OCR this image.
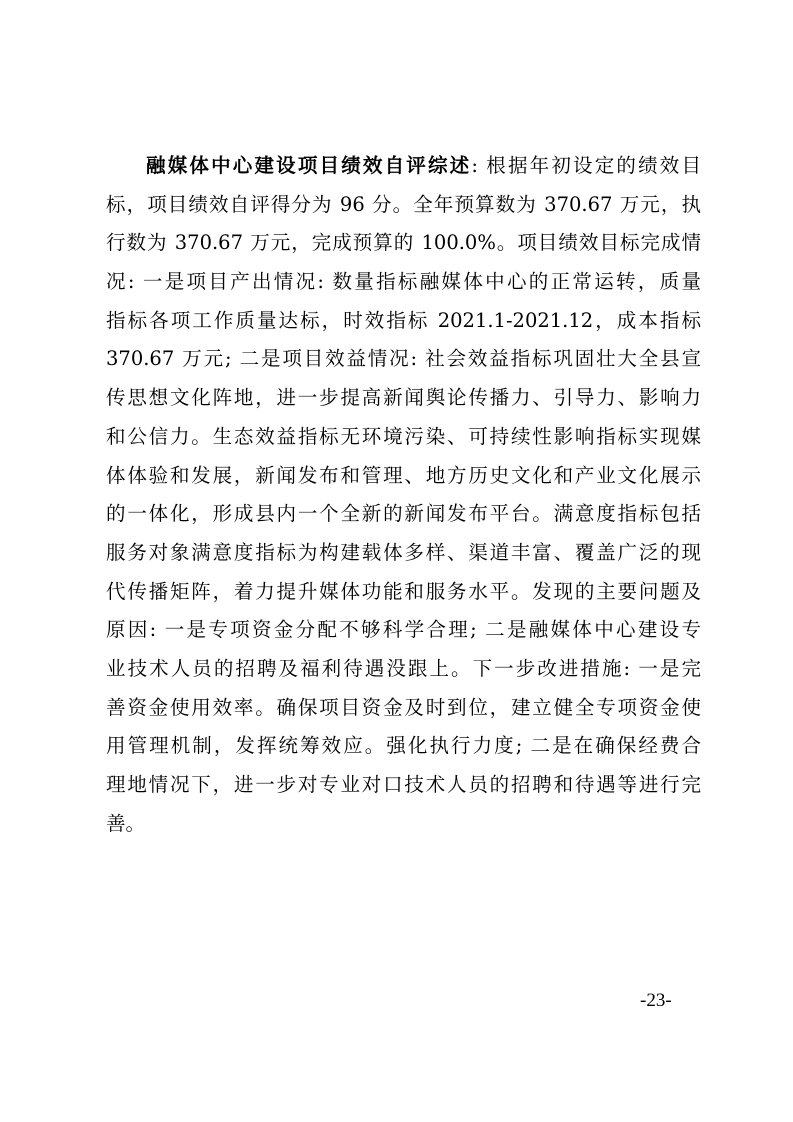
融媒体中心建设项目绩效自评综述: 根据年初设定的绩效目
标，项目绩效自评得分为 96 分。全年预算数为 370.67 万元，执
行数为 370.67 万元，完成预算的 100.0%。项目绩效目标完成情
况: 一是项目产出情况: 数量指标融媒体中心的正常运转，质量
指标各项工作质量达标，时效指标 2021.1-2021.12，成本指标
370.67 万元; 二是项目效益情况: 社会效益指标巩固壮大全县宣
传思想文化阵地，进一步提高新闻舆论传播力、引导力、影响力
和公信力。生态效益指标无环境污染、可持续性影响指标实现媒
体体验和发展，新闻发布和管理、地方历史文化和产业文化展示
的一体化，形成县内一个全新的新闻发布平台。满意度指标包括
服务对象满意度指标为构建载体多样、渠道丰富、覆盖广泛的现
代传播矩阵，着力提升媒体功能和服务水平。发现的主要问题及
原因: 一是专项资金分配不够科学合理; 二是融媒体中心建设专
业技术人员的招聘及福利待遇没跟上。下一步改进措施: 一是完
善资金使用效率。确保项目资金及时到位，建立健全专项资金使
用管理机制，发挥统筹效应。强化执行力度; 二是在确保经费合
理地情况下，进一步对专业对口技术人员的招聘和待遇等进行完
善。
-23-
